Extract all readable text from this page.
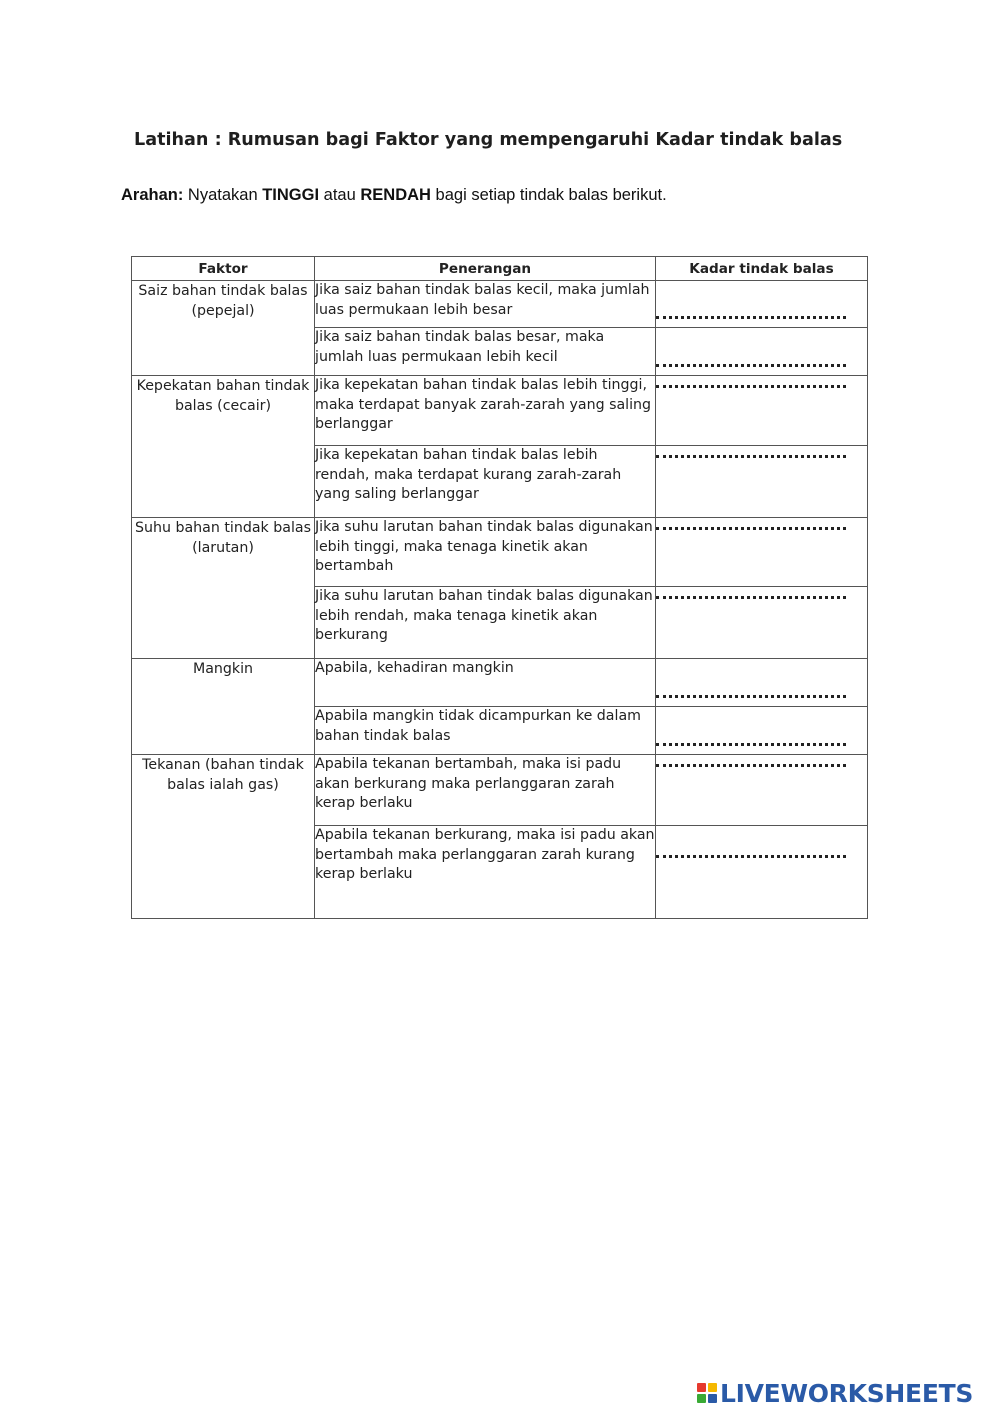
Latihan : Rumusan bagi Faktor yang mempengaruhi Kadar tindak balas
Arahan: Nyatakan TINGGI atau RENDAH bagi setiap tindak balas berikut.
Faktor	Penerangan	Kadar tindak balas
Saiz bahan tindak balas (pepejal)	Jika saiz bahan tindak balas kecil, maka jumlah luas permukaan lebih besar	
	Jika saiz bahan tindak balas besar, maka jumlah luas permukaan lebih kecil	
Kepekatan bahan tindak balas (cecair)	Jika kepekatan bahan tindak balas lebih tinggi, maka terdapat banyak zarah-zarah yang saling berlanggar	
	Jika kepekatan bahan tindak balas lebih rendah, maka terdapat kurang zarah-zarah yang saling berlanggar	
Suhu bahan tindak balas (larutan)	Jika suhu larutan bahan tindak balas digunakan lebih tinggi, maka tenaga kinetik akan bertambah	
	Jika suhu larutan bahan tindak balas digunakan lebih rendah, maka tenaga kinetik akan berkurang	
Mangkin	Apabila, kehadiran mangkin	
	Apabila mangkin tidak dicampurkan ke dalam bahan tindak balas	
Tekanan (bahan tindak balas ialah gas)	Apabila tekanan bertambah, maka isi padu akan berkurang maka perlanggaran zarah kerap berlaku	
	Apabila tekanan berkurang, maka isi padu akan bertambah maka perlanggaran zarah kurang kerap berlaku	
LIVEWORKSHEETS
